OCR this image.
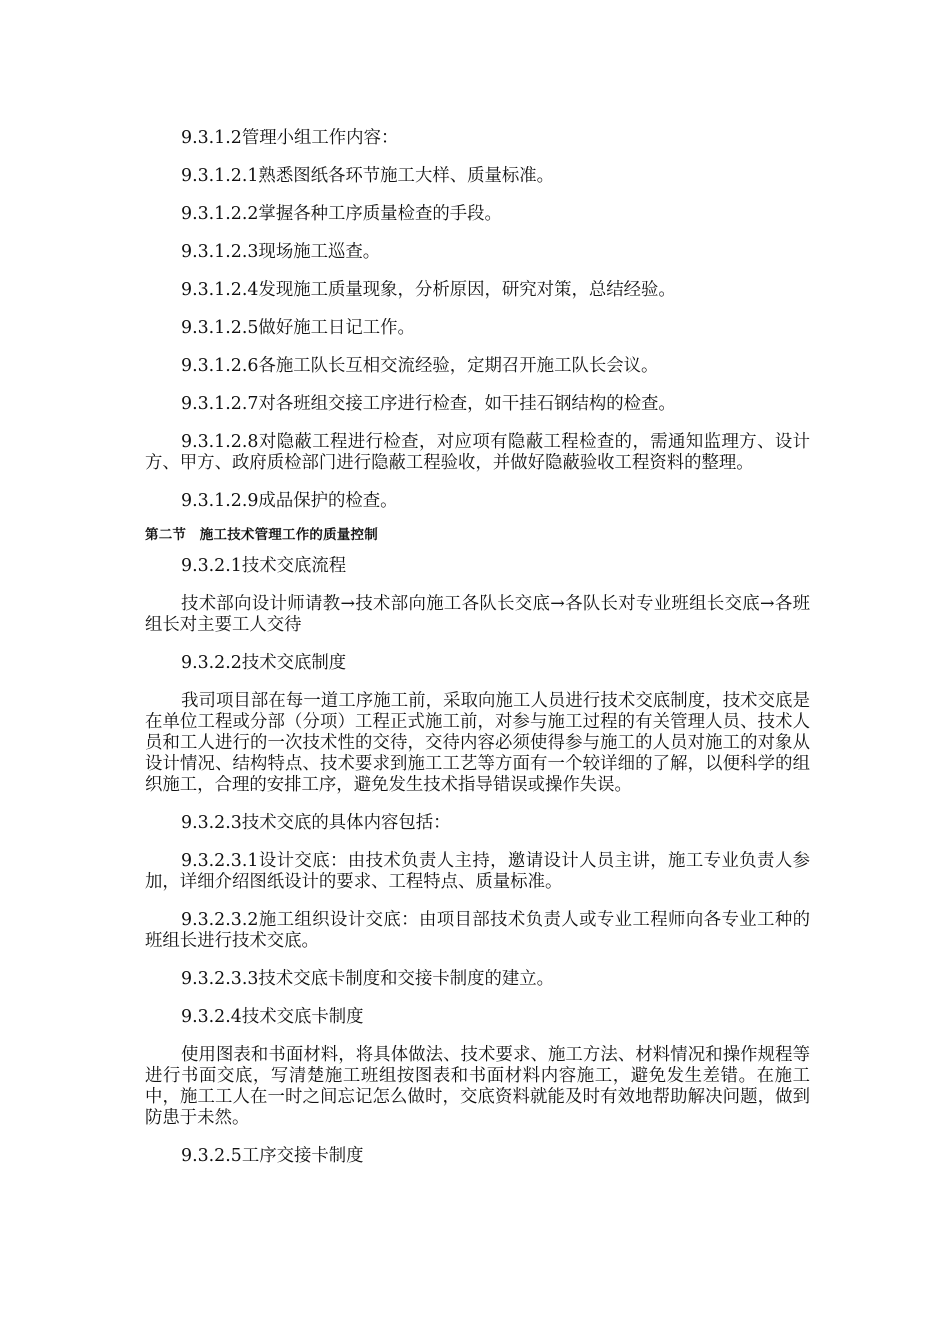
9.3.1.2管理小组工作内容：

9.3.1.2.1熟悉图纸各环节施工大样、质量标准。

9.3.1.2.2掌握各种工序质量检查的手段。

9.3.1.2.3现场施工巡查。

9.3.1.2.4发现施工质量现象，分析原因，研究对策，总结经验。

9.3.1.2.5做好施工日记工作。

9.3.1.2.6各施工队长互相交流经验，定期召开施工队长会议。

9.3.1.2.7对各班组交接工序进行检查，如干挂石钢结构的检查。

9.3.1.2.8对隐蔽工程进行检查，对应项有隐蔽工程检查的，需通知监理方、设计方、甲方、政府质检部门进行隐蔽工程验收，并做好隐蔽验收工程资料的整理。

9.3.1.2.9成品保护的检查。

第二节　施工技术管理工作的质量控制

9.3.2.1技术交底流程

技术部向设计师请教→技术部向施工各队长交底→各队长对专业班组长交底→各班组长对主要工人交待

9.3.2.2技术交底制度

我司项目部在每一道工序施工前，采取向施工人员进行技术交底制度，技术交底是在单位工程或分部（分项）工程正式施工前，对参与施工过程的有关管理人员、技术人员和工人进行的一次技术性的交待，交待内容必须使得参与施工的人员对施工的对象从设计情况、结构特点、技术要求到施工工艺等方面有一个较详细的了解，以便科学的组织施工，合理的安排工序，避免发生技术指导错误或操作失误。

9.3.2.3技术交底的具体内容包括：

9.3.2.3.1设计交底：由技术负责人主持，邀请设计人员主讲，施工专业负责人参加，详细介绍图纸设计的要求、工程特点、质量标准。

9.3.2.3.2施工组织设计交底：由项目部技术负责人或专业工程师向各专业工种的班组长进行技术交底。

9.3.2.3.3技术交底卡制度和交接卡制度的建立。

9.3.2.4技术交底卡制度

使用图表和书面材料，将具体做法、技术要求、施工方法、材料情况和操作规程等进行书面交底，写清楚施工班组按图表和书面材料内容施工，避免发生差错。在施工中，施工工人在一时之间忘记怎么做时，交底资料就能及时有效地帮助解决问题，做到防患于未然。

9.3.2.5工序交接卡制度
